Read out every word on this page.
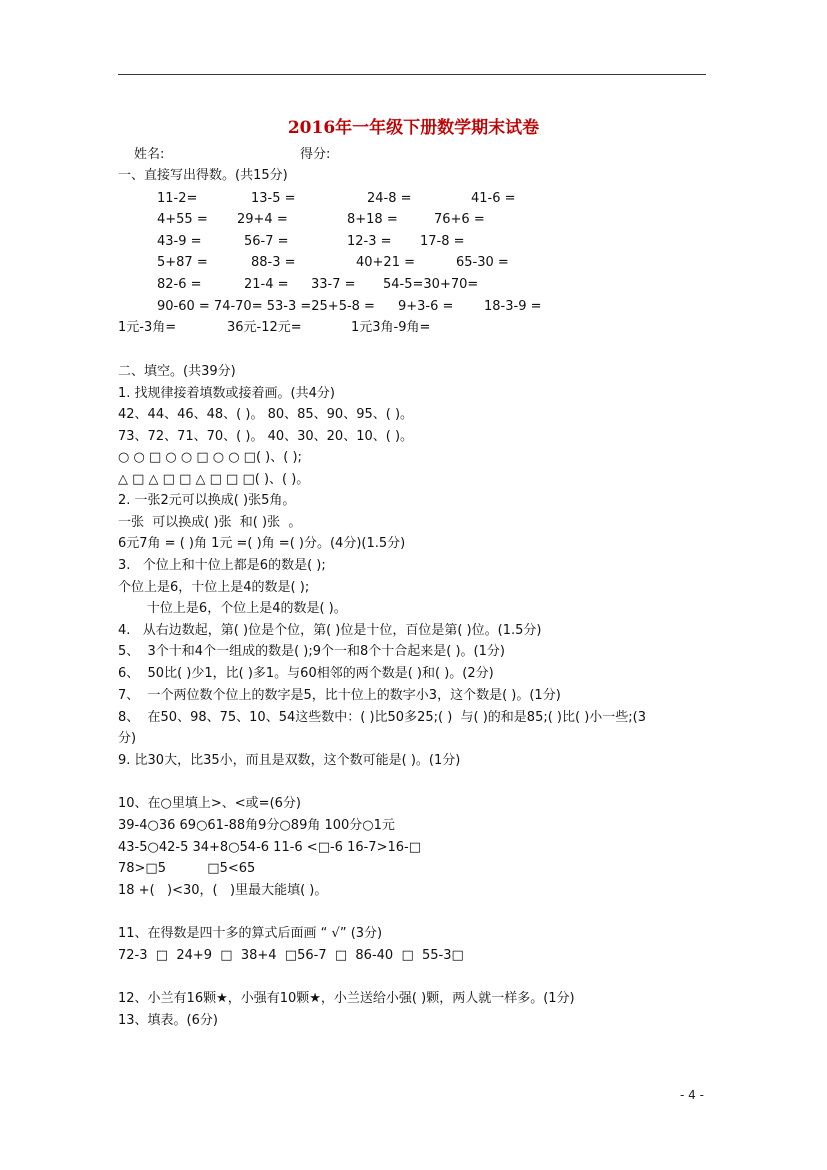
2016年一年级下册数学期末试卷
姓名:	得分:
一、直接写出得数。(共15分)
11-2=	13-5 =	24-8 =	41-6 =
4+55 = 29+4 =	8+18 =	76+6 =
43-9 =	56-7 =	12-3 = 17-8 =
5+87 =	88-3 =	40+21 =	65-30 =
82-6 =	21-4 = 33-7 = 54-5=30+70=
90-60 = 74-70= 53-3 =25+5-8 = 9+3-6 = 18-3-9 =
1元-3角=	36元-12元=	1元3角-9角=
二、填空。(共39分)
1. 找规律接着填数或接着画。(共4分)
42、44、46、48、( )。 80、85、90、95、( )。
73、72、71、70、( )。 40、30、20、10、( )。
○ ○ □ ○ ○ □ ○ ○ □( )、( );
△ □ △ □ □ △ □ □ □( )、( )。
2. 一张2元可以换成( )张5角。
一张  可以换成( )张  和( )张  。
6元7角 = ( )角 1元 =( )角 =( )分。(4分)(1.5分)
3.   个位上和十位上都是6的数是( );
个位上是6，十位上是4的数是( );
十位上是6，个位上是4的数是( )。
4.   从右边数起，第( )位是个位，第( )位是十位，百位是第( )位。(1.5分)
5、  3个十和4个一组成的数是( );9个一和8个十合起来是( )。(1分)
6、  50比( )少1，比( )多1。与60相邻的两个数是( )和( )。(2分)
7、  一个两位数个位上的数字是5，比十位上的数字小3，这个数是( )。(1分)
8、  在50、98、75、10、54这些数中：( )比50多25;( )  与( )的和是85;( )比( )小一些;(3
分)
9. 比30大，比35小，而且是双数，这个数可能是( )。(1分)
10、在○里填上>、<或=(6分)
39-4○36 69○61-88角9分○89角 100分○1元
43-5○42-5 34+8○54-6 11-6 <□-6 16-7>16-□
78>□5          □5<65
18 +(   )<30，(   )里最大能填( )。
11、在得数是四十多的算式后面画 “ √” (3分)
72-3  □  24+9  □  38+4  □56-7  □  86-40  □  55-3□
12、小兰有16颗★，小强有10颗★，小兰送给小强( )颗，两人就一样多。(1分)
13、填表。(6分)
- 4 -
